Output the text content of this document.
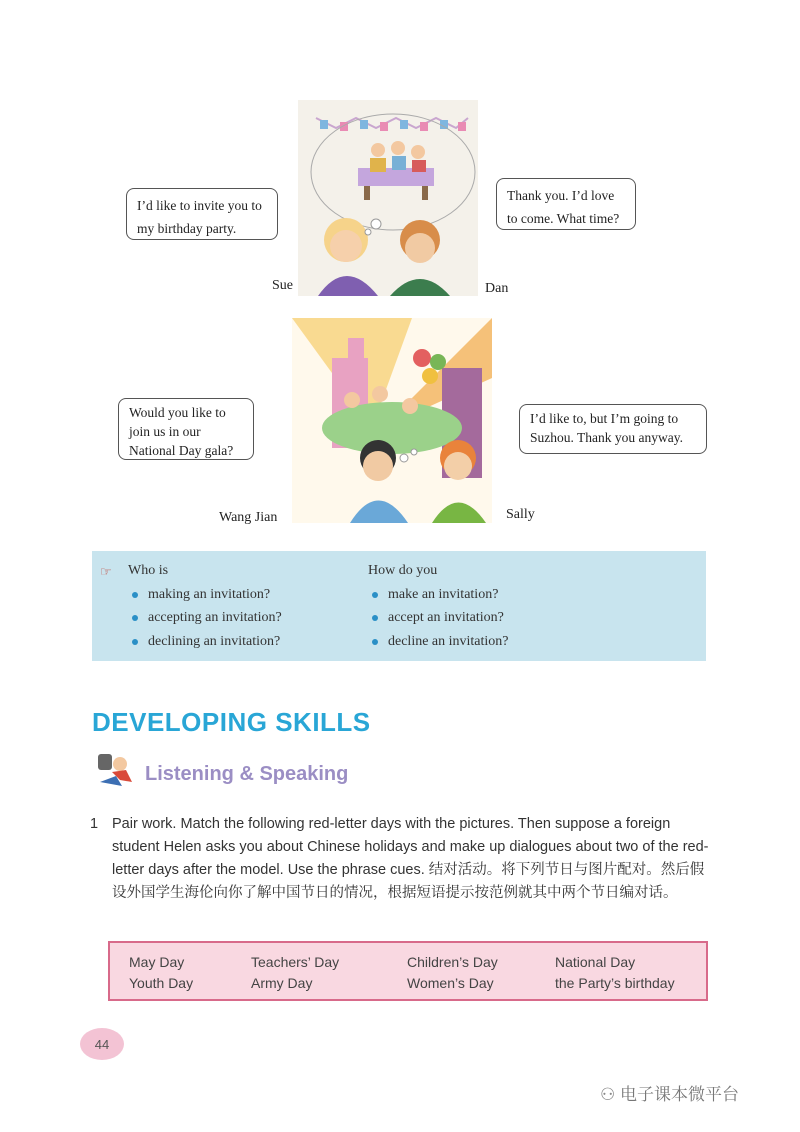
I’d like to invite you to my birthday party.
Thank you. I’d love to come. What time?
Sue	Dan
Would you like to join us in our National Day gala?
I’d like to, but I’m going to Suzhou. Thank you anyway.
Wang Jian	Sally
☞ Who is
making an invitation?
accepting an invitation?
declining an invitation?
How do you
make an invitation?
accept an invitation?
decline an invitation?
DEVELOPING SKILLS
Listening & Speaking
1 Pair work. Match the following red-letter days with the pictures. Then suppose a foreign student Helen asks you about Chinese holidays and make up dialogues about two of the red-letter days after the model. Use the phrase cues. 结对活动。将下列节日与图片配对。然后假设外国学生海伦向你了解中国节日的情况，根据短语提示按范例就其中两个节日编对话。
May Day	Teachers’ Day	Children’s Day	National Day
Youth Day	Army Day	Women’s Day	the Party’s birthday
44
⚇ 电子课本微平台
